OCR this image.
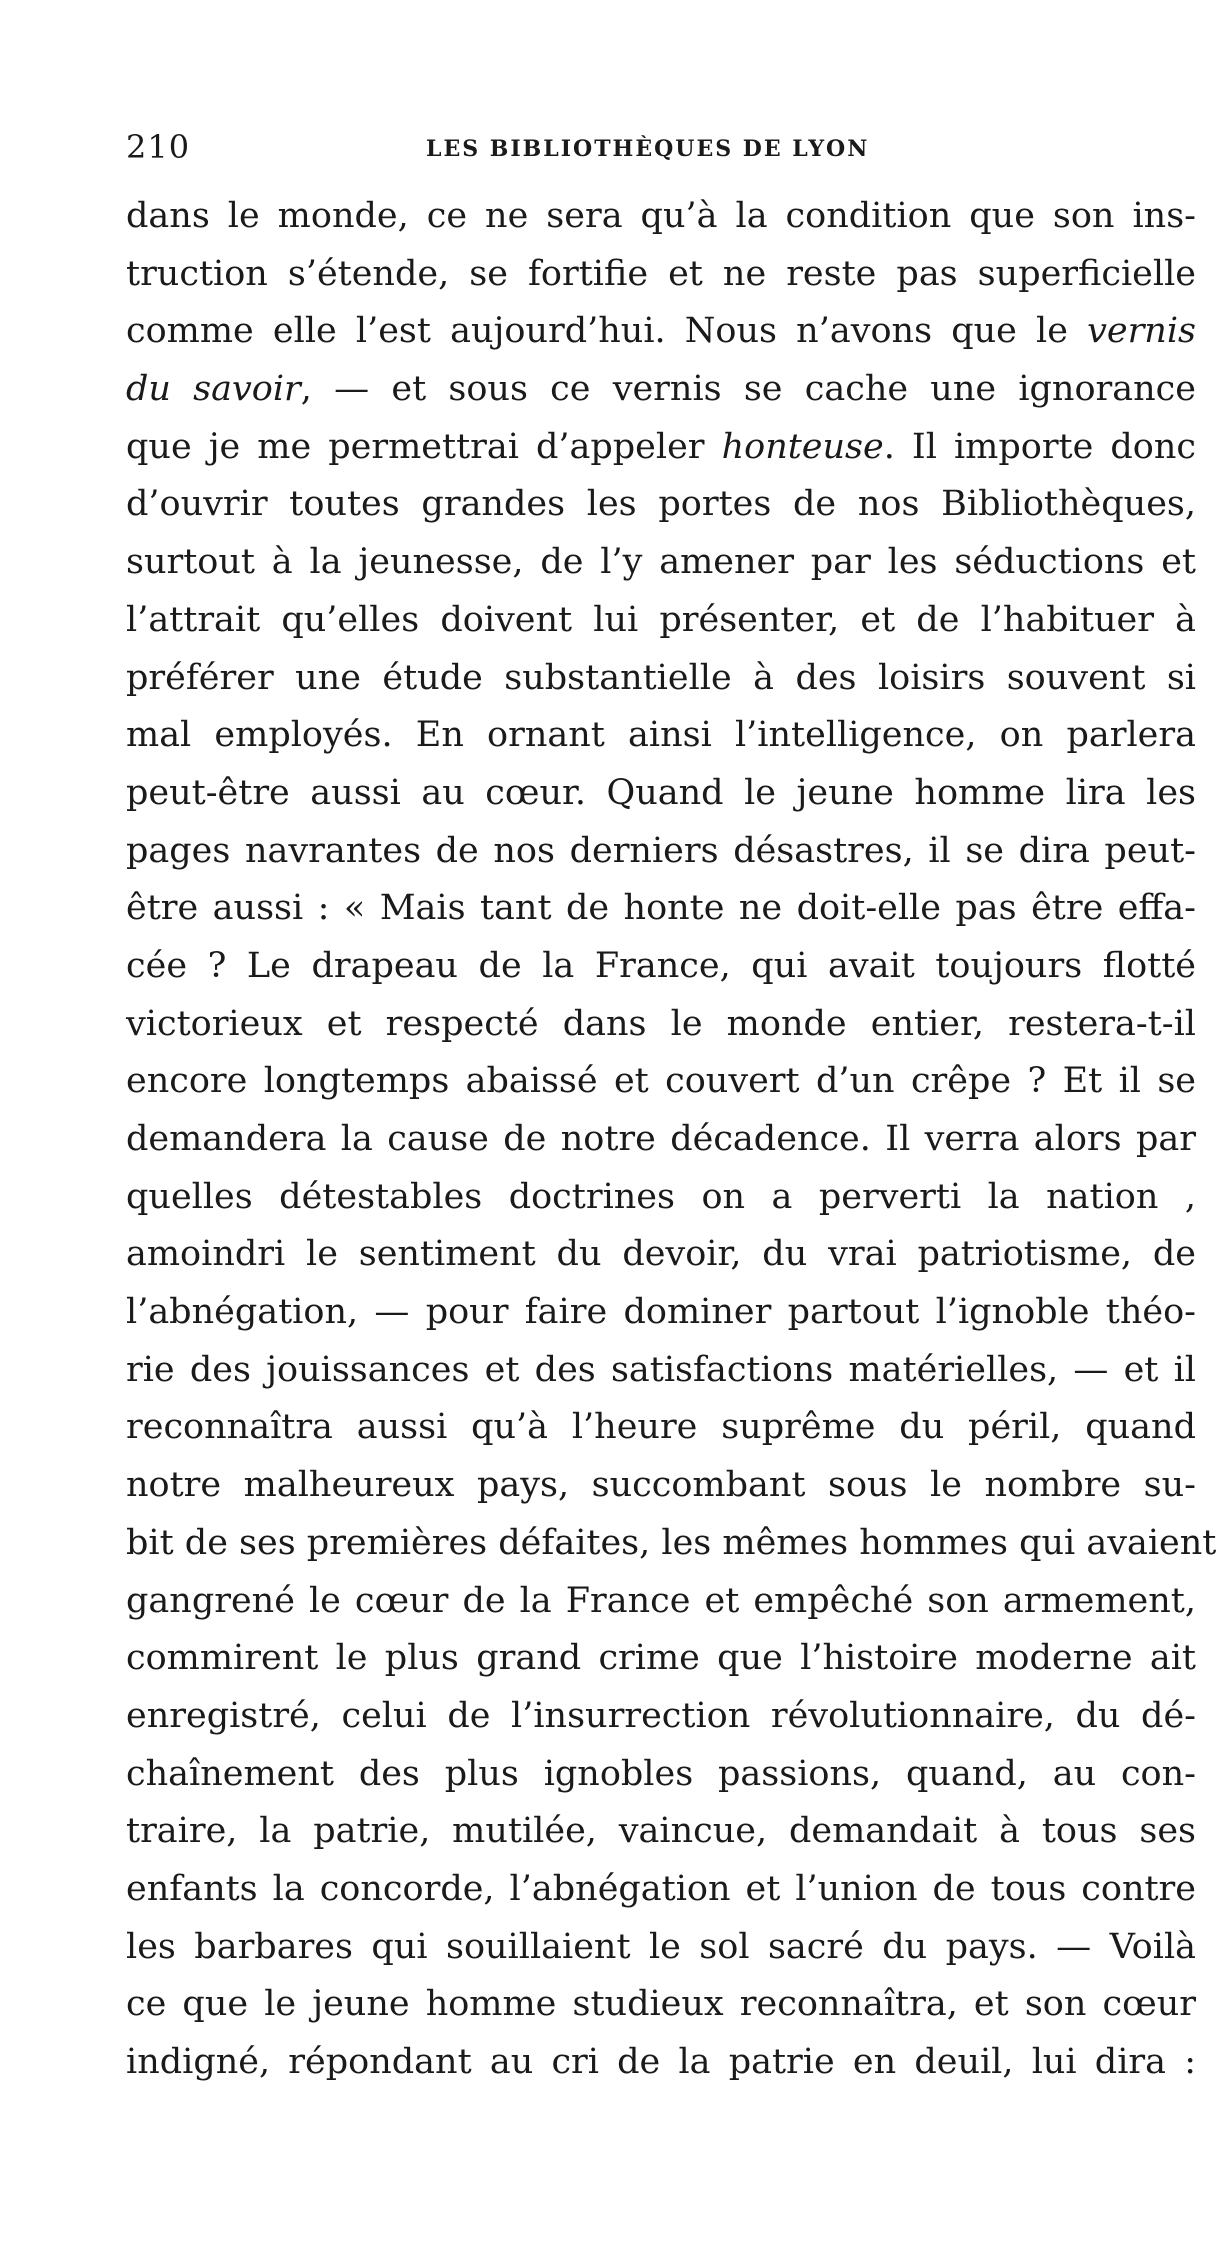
210	LES BIBLIOTHÈQUES DE LYON
dans le monde, ce ne sera qu’à la condition que son ins-
truction s’étende, se fortifie et ne reste pas superficielle
comme elle l’est aujourd’hui. Nous n’avons que le vernis
du savoir, — et sous ce vernis se cache une ignorance
que je me permettrai d’appeler honteuse. Il importe donc
d’ouvrir toutes grandes les portes de nos Bibliothèques,
surtout à la jeunesse, de l’y amener par les séductions et
l’attrait qu’elles doivent lui présenter, et de l’habituer à
préférer une étude substantielle à des loisirs souvent si
mal employés. En ornant ainsi l’intelligence, on parlera
peut-être aussi au cœur. Quand le jeune homme lira les
pages navrantes de nos derniers désastres, il se dira peut-
être aussi : « Mais tant de honte ne doit-elle pas être effa-
cée ? Le drapeau de la France, qui avait toujours flotté
victorieux et respecté dans le monde entier, restera-t-il
encore longtemps abaissé et couvert d’un crêpe ? Et il se
demandera la cause de notre décadence. Il verra alors par
quelles détestables doctrines on a perverti la nation ,
amoindri le sentiment du devoir, du vrai patriotisme, de
l’abnégation, — pour faire dominer partout l’ignoble théo-
rie des jouissances et des satisfactions matérielles, — et il
reconnaîtra aussi qu’à l’heure suprême du péril, quand
notre malheureux pays, succombant sous le nombre su-
bit de ses premières défaites, les mêmes hommes qui avaient
gangrené le cœur de la France et empêché son armement,
commirent le plus grand crime que l’histoire moderne ait
enregistré, celui de l’insurrection révolutionnaire, du dé-
chaînement des plus ignobles passions, quand, au con-
traire, la patrie, mutilée, vaincue, demandait à tous ses
enfants la concorde, l’abnégation et l’union de tous contre
les barbares qui souillaient le sol sacré du pays. — Voilà
ce que le jeune homme studieux reconnaîtra, et son cœur
indigné, répondant au cri de la patrie en deuil, lui dira :
